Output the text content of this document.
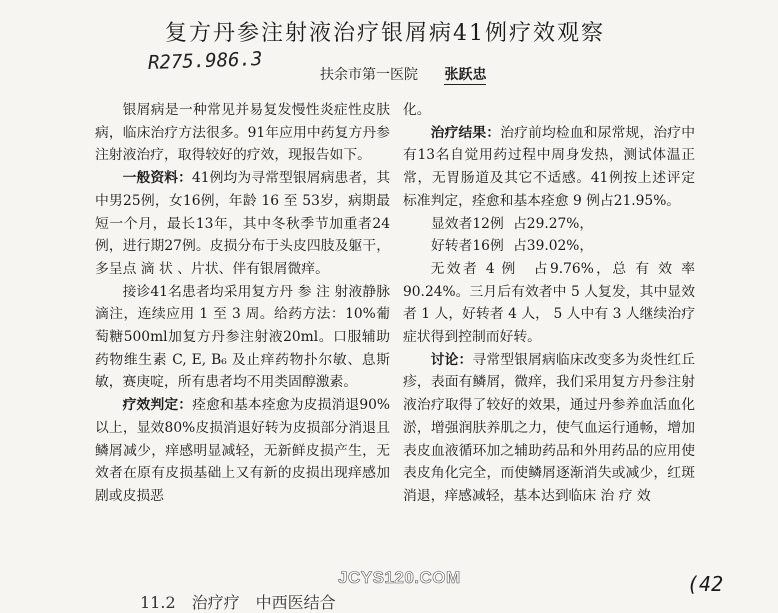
复方丹参注射液治疗银屑病41例疗效观察
R275.986.3
扶余市第一医院 张跃忠

银屑病是一种常见并易复发慢性炎症性皮肤病，临床治疗方法很多。91年应用中药复方丹参注射液治疗，取得较好的疗效，现报告如下。

一般资料：41例均为寻常型银屑病患者，其中男25例，女16例，年龄 16 至 53岁，病期最短一个月，最长13年，其中冬秋季节加重者24例，进行期27例。皮损分布于头皮四肢及躯干，多呈点 滴 状 、片状、伴有银屑微痒。

接诊41名患者均采用复方丹 参 注 射液静脉滴注，连续应用 1 至 3 周。给药方法：10%葡萄糖500ml加复方丹参注射液20ml。口服辅助药物维生素 C, E, B₆ 及止痒药物扑尔敏、息斯敏，赛庚啶，所有患者均不用类固醇激素。

疗效判定：痊愈和基本痊愈为皮损消退90%以上，显效80%皮损消退好转为皮损部分消退且鳞屑减少，痒感明显减轻，无新鲜皮损产生，无效者在原有皮损基础上又有新的皮损出现痒感加剧或皮损恶

化。

治疗结果：治疗前均检血和尿常规，治疗中有13名自觉用药过程中周身发热，测试体温正常，无胃肠道及其它不适感。41例按上述评定标准判定，痊愈和基本痊愈 9 例占21.95%。

显效者12例 占29.27%，

好转者16例 占39.02%，

无效者 4 例　占9.76%，总 有 效 率90.24%。三月后有效者中 5 人复发，其中显效者 1 人，好转者 4 人， 5 人中有 3 人继续治疗症状得到控制而好转。

讨论：寻常型银屑病临床改变多为炎性红丘疹，表面有鳞屑，微痒，我们采用复方丹参注射液治疗取得了较好的效果，通过丹参养血活血化淤，增强润肤养肌之力，使气血运行通畅，增加表皮血液循环加之辅助药品和外用药品的应用使表皮角化完全，而使鳞屑逐渐消失或减少，红斑消退，痒感减轻，基本达到临床 治 疗 效

11.2　治疗疗　中西医结合
JCYS120.COM	(42
